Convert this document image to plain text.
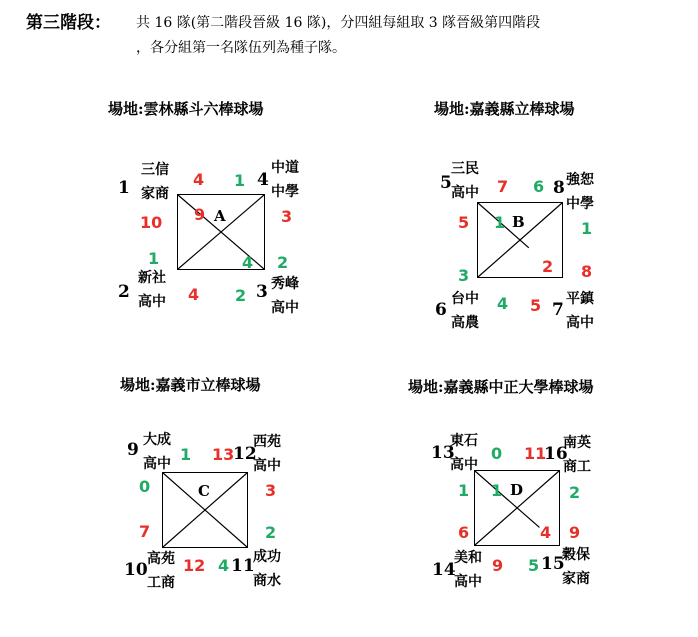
第三階段： 共 16 隊(第二階段晉級 16 隊)，分四組每組取 3 隊晉級第四階段
，各分組第一名隊伍列為種子隊。
場地:雲林縣斗六棒球場
A
1
三信
家商
4
中道
中學
2
新社
高中	3 秀峰
高中
4 1
10
1
3
2
4 2
9
4
場地:嘉義縣立棒球場
B
5
三民
高中	8 強恕
中學
6
台中
高農
7
平鎮
高中
7 6
5
3
1
8
4 5
1
2
場地:嘉義市立棒球場
C
9 大成
高中	12
西苑
高中
10
高苑
工商
11
成功
商水
1 13
0
7
3
2
12 4
場地:嘉義縣中正大學棒球場
D
13
東石
高中
16
南英
商工
14
美和
高中
15
穀保
家商
0 11
1
6
2
9
9 5
1
4
